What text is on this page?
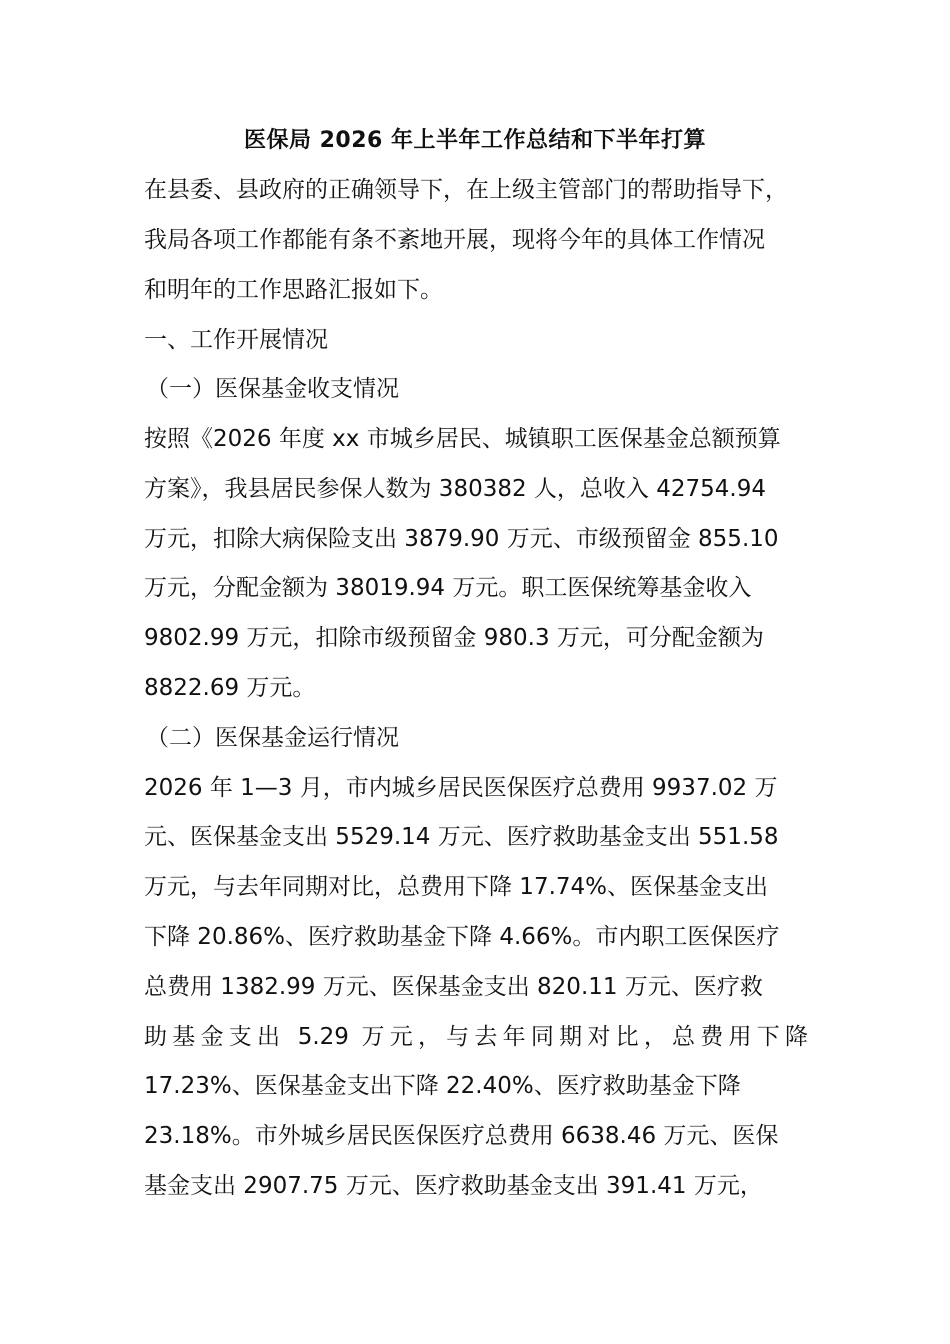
医保局 2026 年上半年工作总结和下半年打算
在县委、县政府的正确领导下，在上级主管部门的帮助指导下，
我局各项工作都能有条不紊地开展，现将今年的具体工作情况
和明年的工作思路汇报如下。
一、工作开展情况
（一）医保基金收支情况
按照《2026 年度 xx 市城乡居民、城镇职工医保基金总额预算
方案》，我县居民参保人数为 380382 人，总收入 42754.94
万元，扣除大病保险支出 3879.90 万元、市级预留金 855.10
万元，分配金额为 38019.94 万元。职工医保统筹基金收入
9802.99 万元，扣除市级预留金 980.3 万元，可分配金额为
8822.69 万元。
（二）医保基金运行情况
2026 年 1—3 月，市内城乡居民医保医疗总费用 9937.02 万
元、医保基金支出 5529.14 万元、医疗救助基金支出 551.58
万元，与去年同期对比，总费用下降 17.74%、医保基金支出
下降 20.86%、医疗救助基金下降 4.66%。市内职工医保医疗
总费用 1382.99 万元、医保基金支出 820.11 万元、医疗救
助基金支出 5.29 万元，与去年同期对比，总费用下降
17.23%、医保基金支出下降 22.40%、医疗救助基金下降
23.18%。市外城乡居民医保医疗总费用 6638.46 万元、医保
基金支出 2907.75 万元、医疗救助基金支出 391.41 万元，
